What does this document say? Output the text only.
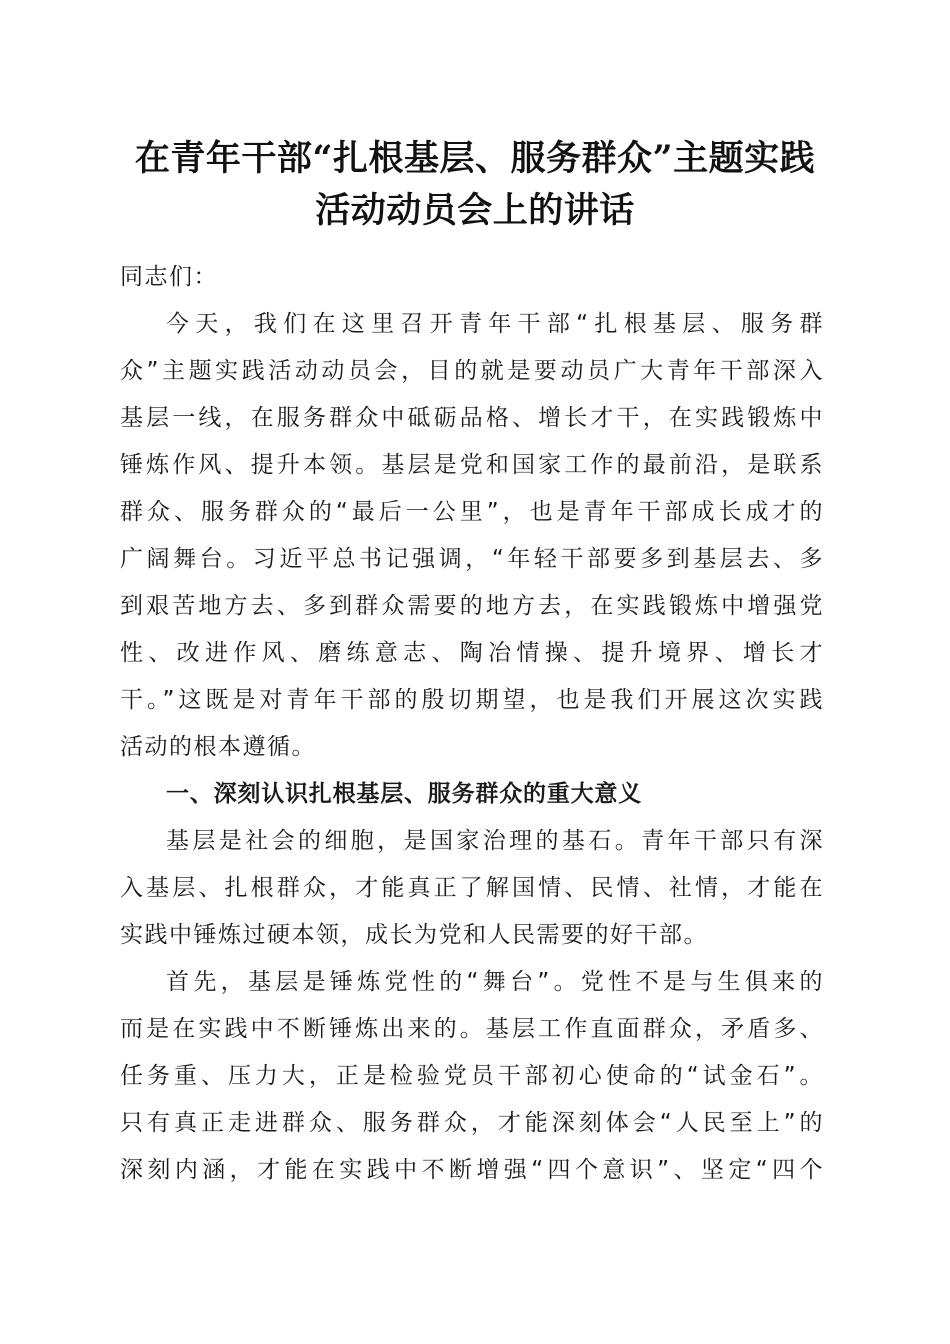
在青年干部“扎根基层、服务群众”主题实践
活动动员会上的讲话
同志们：
今天，我们在这里召开青年干部“扎根基层、服务群
众”主题实践活动动员会，目的就是要动员广大青年干部深入
基层一线，在服务群众中砥砺品格、增长才干，在实践锻炼中
锤炼作风、提升本领。基层是党和国家工作的最前沿，是联系
群众、服务群众的“最后一公里”，也是青年干部成长成才的
广阔舞台。习近平总书记强调，“年轻干部要多到基层去、多
到艰苦地方去、多到群众需要的地方去，在实践锻炼中增强党
性、改进作风、磨练意志、陶冶情操、提升境界、增长才
干。”这既是对青年干部的殷切期望，也是我们开展这次实践
活动的根本遵循。
一、深刻认识扎根基层、服务群众的重大意义
基层是社会的细胞，是国家治理的基石。青年干部只有深
入基层、扎根群众，才能真正了解国情、民情、社情，才能在
实践中锤炼过硬本领，成长为党和人民需要的好干部。
首先，基层是锤炼党性的“舞台”。党性不是与生俱来的
而是在实践中不断锤炼出来的。基层工作直面群众，矛盾多、
任务重、压力大，正是检验党员干部初心使命的“试金石”。
只有真正走进群众、服务群众，才能深刻体会“人民至上”的
深刻内涵，才能在实践中不断增强“四个意识”、坚定“四个
